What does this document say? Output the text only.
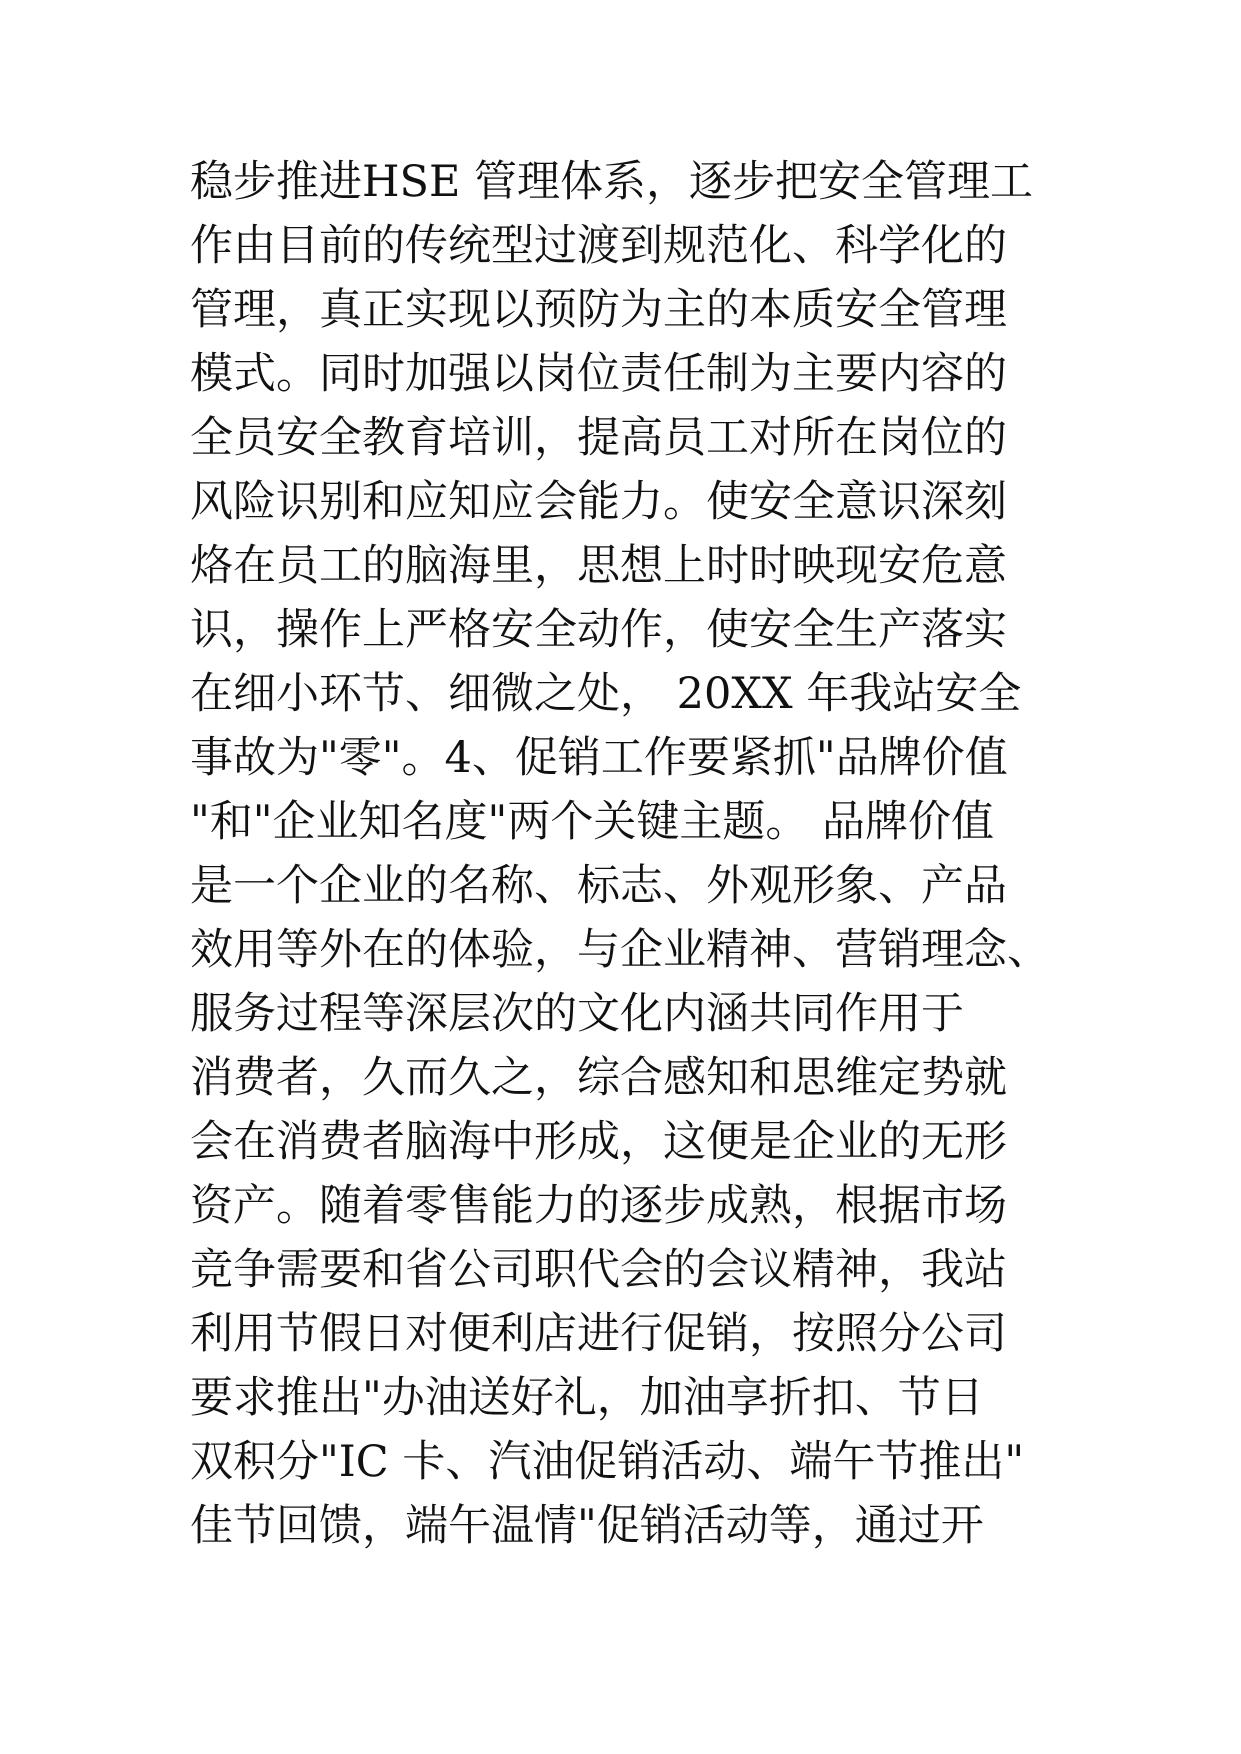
稳步推进HSE 管理体系，逐步把安全管理工
作由目前的传统型过渡到规范化、科学化的
管理，真正实现以预防为主的本质安全管理
模式。同时加强以岗位责任制为主要内容的
全员安全教育培训，提高员工对所在岗位的
风险识别和应知应会能力。使安全意识深刻
烙在员工的脑海里，思想上时时映现安危意
识，操作上严格安全动作，使安全生产落实
在细小环节、细微之处， 20XX 年我站安全
事故为"零"。4、促销工作要紧抓"品牌价值
"和"企业知名度"两个关键主题。 品牌价值
是一个企业的名称、标志、外观形象、产品
效用等外在的体验，与企业精神、营销理念、
服务过程等深层次的文化内涵共同作用于
消费者，久而久之，综合感知和思维定势就
会在消费者脑海中形成，这便是企业的无形
资产。随着零售能力的逐步成熟，根据市场
竞争需要和省公司职代会的会议精神，我站
利用节假日对便利店进行促销，按照分公司
要求推出"办油送好礼，加油享折扣、节日
双积分"IC 卡、汽油促销活动、端午节推出"
佳节回馈，端午温情"促销活动等，通过开
